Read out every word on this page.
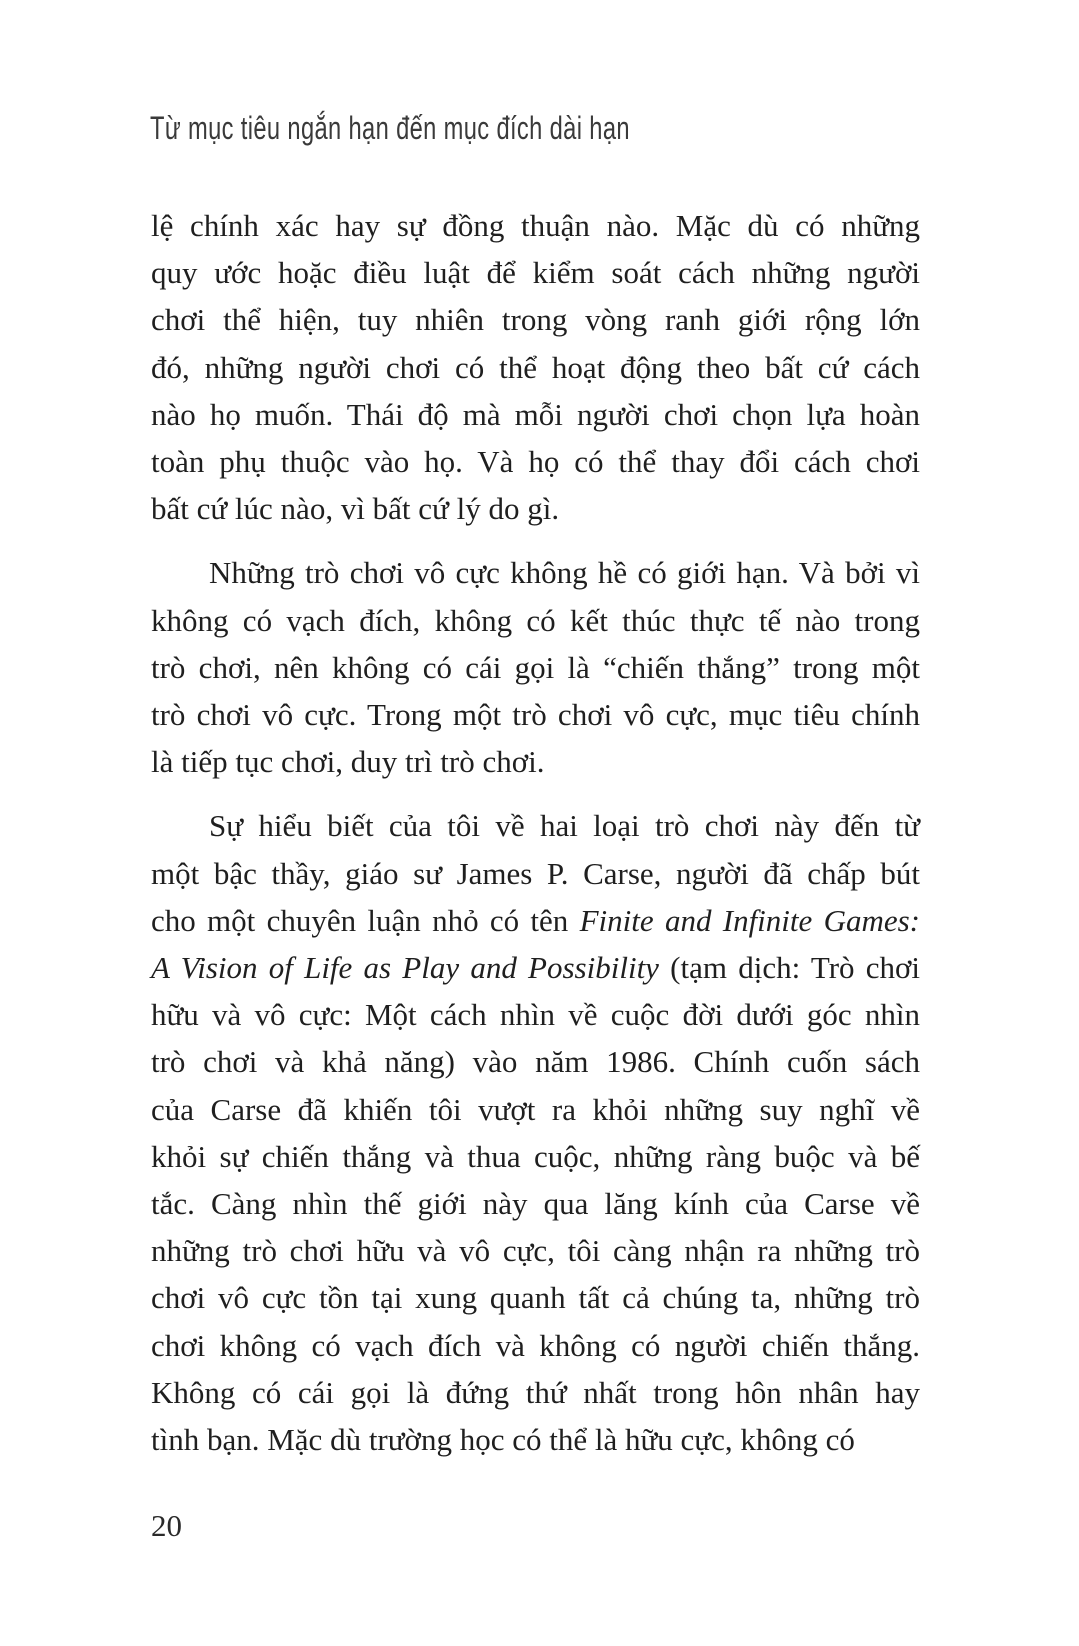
Từ mục tiêu ngắn hạn đến mục đích dài hạn
lệ chính xác hay sự đồng thuận nào. Mặc dù có những
quy ước hoặc điều luật để kiểm soát cách những người
chơi thể hiện, tuy nhiên trong vòng ranh giới rộng lớn
đó, những người chơi có thể hoạt động theo bất cứ cách
nào họ muốn. Thái độ mà mỗi người chơi chọn lựa hoàn
toàn phụ thuộc vào họ. Và họ có thể thay đổi cách chơi
bất cứ lúc nào, vì bất cứ lý do gì.
Những trò chơi vô cực không hề có giới hạn. Và bởi vì
không có vạch đích, không có kết thúc thực tế nào trong
trò chơi, nên không có cái gọi là “chiến thắng” trong một
trò chơi vô cực. Trong một trò chơi vô cực, mục tiêu chính
là tiếp tục chơi, duy trì trò chơi.
Sự hiểu biết của tôi về hai loại trò chơi này đến từ
một bậc thầy, giáo sư James P. Carse, người đã chấp bút
cho một chuyên luận nhỏ có tên Finite and Infinite Games:
A Vision of Life as Play and Possibility (tạm dịch: Trò chơi
hữu và vô cực: Một cách nhìn về cuộc đời dưới góc nhìn
trò chơi và khả năng) vào năm 1986. Chính cuốn sách
của Carse đã khiến tôi vượt ra khỏi những suy nghĩ về
khỏi sự chiến thắng và thua cuộc, những ràng buộc và bế
tắc. Càng nhìn thế giới này qua lăng kính của Carse về
những trò chơi hữu và vô cực, tôi càng nhận ra những trò
chơi vô cực tồn tại xung quanh tất cả chúng ta, những trò
chơi không có vạch đích và không có người chiến thắng.
Không có cái gọi là đứng thứ nhất trong hôn nhân hay
tình bạn. Mặc dù trường học có thể là hữu cực, không có
20
